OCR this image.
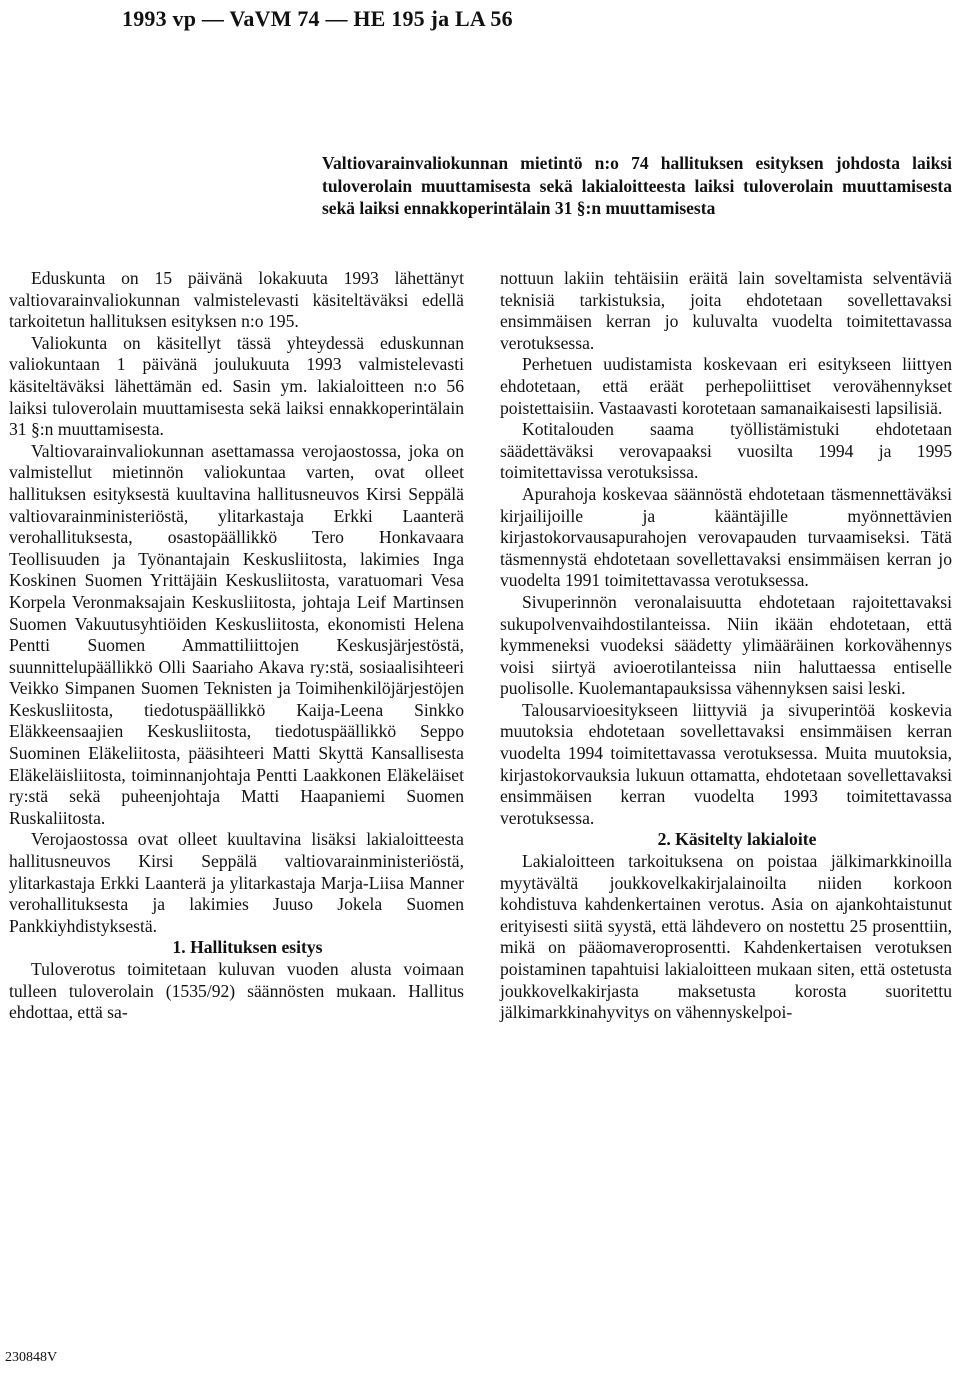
1993 vp — VaVM 74 — HE 195 ja LA 56
Valtiovarainvaliokunnan mietintö n:o 74 hallituksen esityksen johdosta laiksi tuloverolain muuttamisesta sekä lakialoitteesta laiksi tuloverolain muuttamisesta sekä laiksi ennakkoperintälain 31 §:n muuttamisesta

Eduskunta on 15 päivänä lokakuuta 1993 lähettänyt valtiovarainvaliokunnan valmistelevasti käsiteltäväksi edellä tarkoitetun hallituksen esityksen n:o 195.

Valiokunta on käsitellyt tässä yhteydessä eduskunnan valiokuntaan 1 päivänä joulukuuta 1993 valmistelevasti käsiteltäväksi lähettämän ed. Sasin ym. lakialoitteen n:o 56 laiksi tuloverolain muuttamisesta sekä laiksi ennakkoperintälain 31 §:n muuttamisesta.

Valtiovarainvaliokunnan asettamassa verojaostossa, joka on valmistellut mietinnön valiokuntaa varten, ovat olleet hallituksen esityksestä kuultavina hallitusneuvos Kirsi Seppälä valtiovarainministeriöstä, ylitarkastaja Erkki Laanterä verohallituksesta, osastopäällikkö Tero Honkavaara Teollisuuden ja Työnantajain Keskusliitosta, lakimies Inga Koskinen Suomen Yrittäjäin Keskusliitosta, varatuomari Vesa Korpela Veronmaksajain Keskusliitosta, johtaja Leif Martinsen Suomen Vakuutusyhtiöiden Keskusliitosta, ekonomisti Helena Pentti Suomen Ammattiliittojen Keskusjärjestöstä, suunnittelupäällikkö Olli Saariaho Akava ry:stä, sosiaalisihteeri Veikko Simpanen Suomen Teknisten ja Toimihenkilöjärjestöjen Keskusliitosta, tiedotuspäällikkö Kaija-Leena Sinkko Eläkkeensaajien Keskusliitosta, tiedotuspäällikkö Seppo Suominen Eläkeliitosta, pääsihteeri Matti Skyttä Kansallisesta Eläkeläisliitosta, toiminnanjohtaja Pentti Laakkonen Eläkeläiset ry:stä sekä puheenjohtaja Matti Haapaniemi Suomen Ruskaliitosta.

Verojaostossa ovat olleet kuultavina lisäksi lakialoitteesta hallitusneuvos Kirsi Seppälä valtiovarainministeriöstä, ylitarkastaja Erkki Laanterä ja ylitarkastaja Marja-Liisa Manner verohallituksesta ja lakimies Juuso Jokela Suomen Pankkiyhdistyksestä.

1. Hallituksen esitys

Tuloverotus toimitetaan kuluvan vuoden alusta voimaan tulleen tuloverolain (1535/92) säännösten mukaan. Hallitus ehdottaa, että sa-

nottuun lakiin tehtäisiin eräitä lain soveltamista selventäviä teknisiä tarkistuksia, joita ehdotetaan sovellettavaksi ensimmäisen kerran jo kuluvalta vuodelta toimitettavassa verotuksessa.

Perhetuen uudistamista koskevaan eri esitykseen liittyen ehdotetaan, että eräät perhepoliittiset verovähennykset poistettaisiin. Vastaavasti korotetaan samanaikaisesti lapsilisiä.

Kotitalouden saama työllistämistuki ehdotetaan säädettäväksi verovapaaksi vuosilta 1994 ja 1995 toimitettavissa verotuksissa.

Apurahoja koskevaa säännöstä ehdotetaan täsmennettäväksi kirjailijoille ja kääntäjille myönnettävien kirjastokorvausapurahojen verovapauden turvaamiseksi. Tätä täsmennystä ehdotetaan sovellettavaksi ensimmäisen kerran jo vuodelta 1991 toimitettavassa verotuksessa.

Sivuperinnön veronalaisuutta ehdotetaan rajoitettavaksi sukupolvenvaihdostilanteissa. Niin ikään ehdotetaan, että kymmeneksi vuodeksi säädetty ylimääräinen korkovähennys voisi siirtyä avioerotilanteissa niin haluttaessa entiselle puolisolle. Kuolemantapauksissa vähennyksen saisi leski.

Talousarvioesitykseen liittyviä ja sivuperintöä koskevia muutoksia ehdotetaan sovellettavaksi ensimmäisen kerran vuodelta 1994 toimitettavassa verotuksessa. Muita muutoksia, kirjastokorvauksia lukuun ottamatta, ehdotetaan sovellettavaksi ensimmäisen kerran vuodelta 1993 toimitettavassa verotuksessa.

2. Käsitelty lakialoite

Lakialoitteen tarkoituksena on poistaa jälkimarkkinoilla myytävältä joukkovelkakirjalainoilta niiden korkoon kohdistuva kahdenkertainen verotus. Asia on ajankohtaistunut erityisesti siitä syystä, että lähdevero on nostettu 25 prosenttiin, mikä on pääomaveroprosentti. Kahdenkertaisen verotuksen poistaminen tapahtuisi lakialoitteen mukaan siten, että ostetusta joukkovelkakirjasta maksetusta korosta suoritettu jälkimarkkinahyvitys on vähennyskelpoi-

230848V
